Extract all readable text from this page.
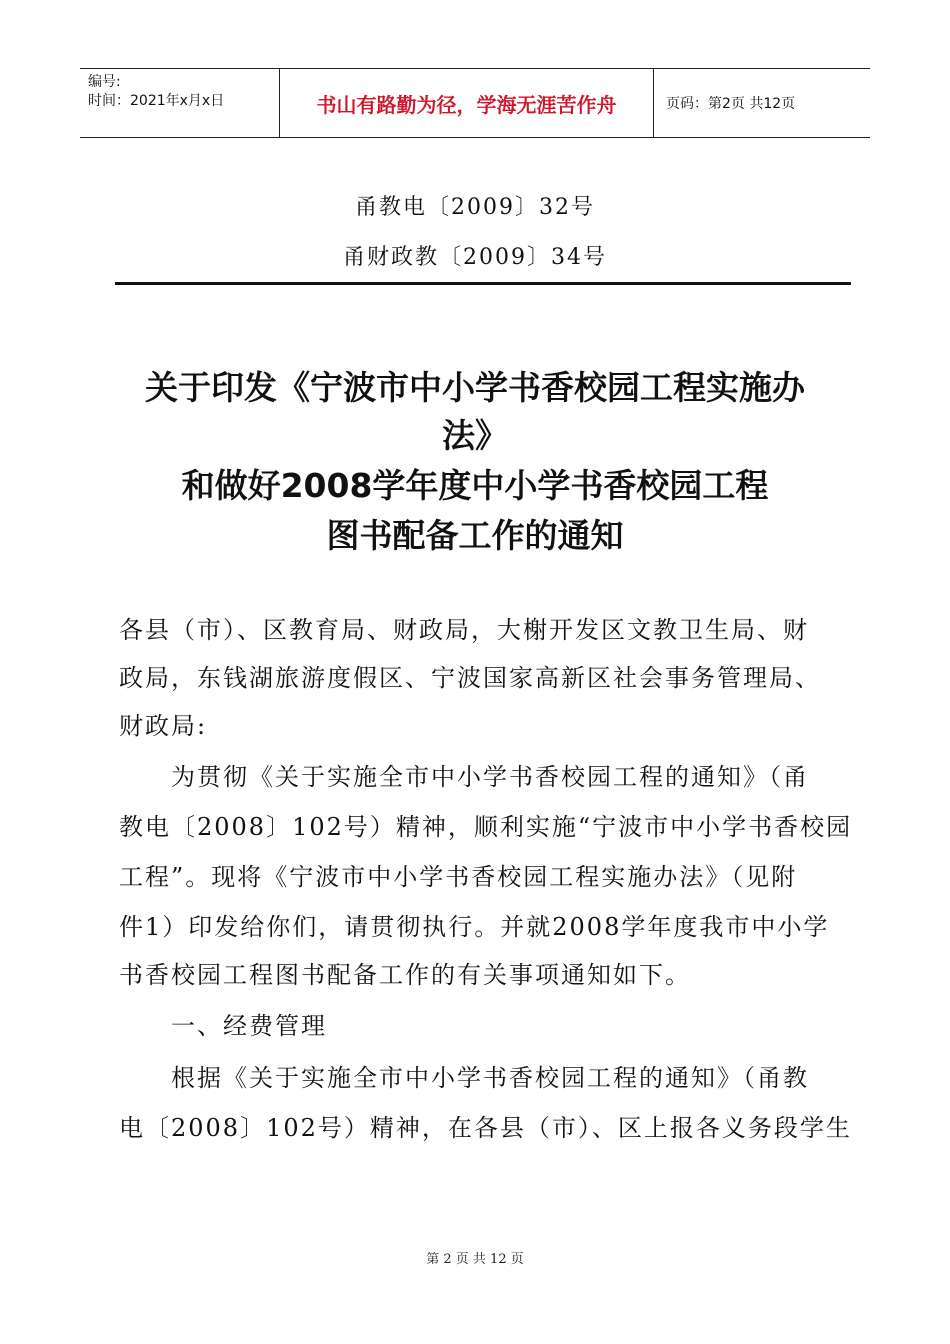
编号:
时间：2021年x月x日	书山有路勤为径，学海无涯苦作舟	页码：第2页 共12页
甬教电〔2009〕32号
甬财政教〔2009〕34号
关于印发《宁波市中小学书香校园工程实施办
法》
和做好2008学年度中小学书香校园工程
图书配备工作的通知
各县（市）、区教育局、财政局，大榭开发区文教卫生局、财
政局，东钱湖旅游度假区、宁波国家高新区社会事务管理局、
财政局:
　　为贯彻《关于实施全市中小学书香校园工程的通知》（甬
教电〔2008〕102号）精神，顺利实施“宁波市中小学书香校园
工程”。现将《宁波市中小学书香校园工程实施办法》（见附
件1）印发给你们，请贯彻执行。并就2008学年度我市中小学
书香校园工程图书配备工作的有关事项通知如下。
　　一、经费管理
　　根据《关于实施全市中小学书香校园工程的通知》（甬教
电〔2008〕102号）精神，在各县（市）、区上报各义务段学生
第 2 页 共 12 页
